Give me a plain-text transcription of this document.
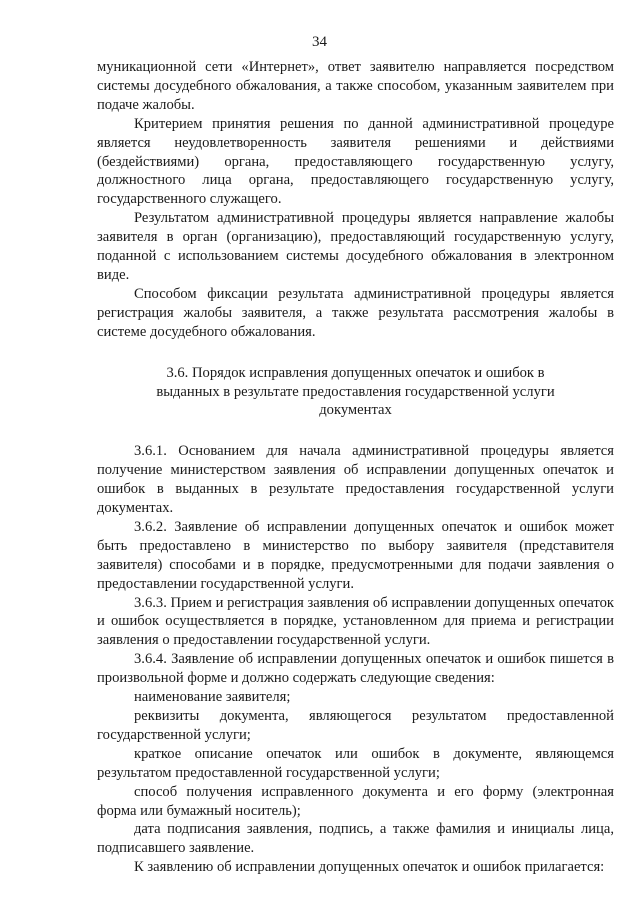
34

муникационной сети «Интернет», ответ заявителю направляется посредством системы досудебного обжалования, а также способом, указанным заявителем при подаче жалобы.

Критерием принятия решения по данной административной процедуре является неудовлетворенность заявителя решениями и действиями (бездействиями) органа, предоставляющего государственную услугу, должностного лица органа, предоставляющего государственную услугу, государственного служащего.

Результатом административной процедуры является направление жалобы заявителя в орган (организацию), предоставляющий государственную услугу, поданной с использованием системы досудебного обжалования в электронном виде.

Способом фиксации результата административной процедуры является регистрация жалобы заявителя, а также результата рассмотрения жалобы в системе досудебного обжалования.

3.6. Порядок исправления допущенных опечаток и ошибок в выданных в результате предоставления государственной услуги документах

3.6.1. Основанием для начала административной процедуры является получение министерством заявления об исправлении допущенных опечаток и ошибок в выданных в результате предоставления государственной услуги документах.

3.6.2. Заявление об исправлении допущенных опечаток и ошибок может быть предоставлено в министерство по выбору заявителя (представителя заявителя) способами и в порядке, предусмотренными для подачи заявления о предоставлении государственной услуги.

3.6.3. Прием и регистрация заявления об исправлении допущенных опечаток и ошибок осуществляется в порядке, установленном для приема и регистрации заявления о предоставлении государственной услуги.

3.6.4. Заявление об исправлении допущенных опечаток и ошибок пишется в произвольной форме и должно содержать следующие сведения:

наименование заявителя;

реквизиты документа, являющегося результатом предоставленной государственной услуги;

краткое описание опечаток или ошибок в документе, являющемся результатом предоставленной государственной услуги;

способ получения исправленного документа и его форму (электронная форма или бумажный носитель);

дата подписания заявления, подпись, а также фамилия и инициалы лица, подписавшего заявление.

К заявлению об исправлении допущенных опечаток и ошибок прилагается:
